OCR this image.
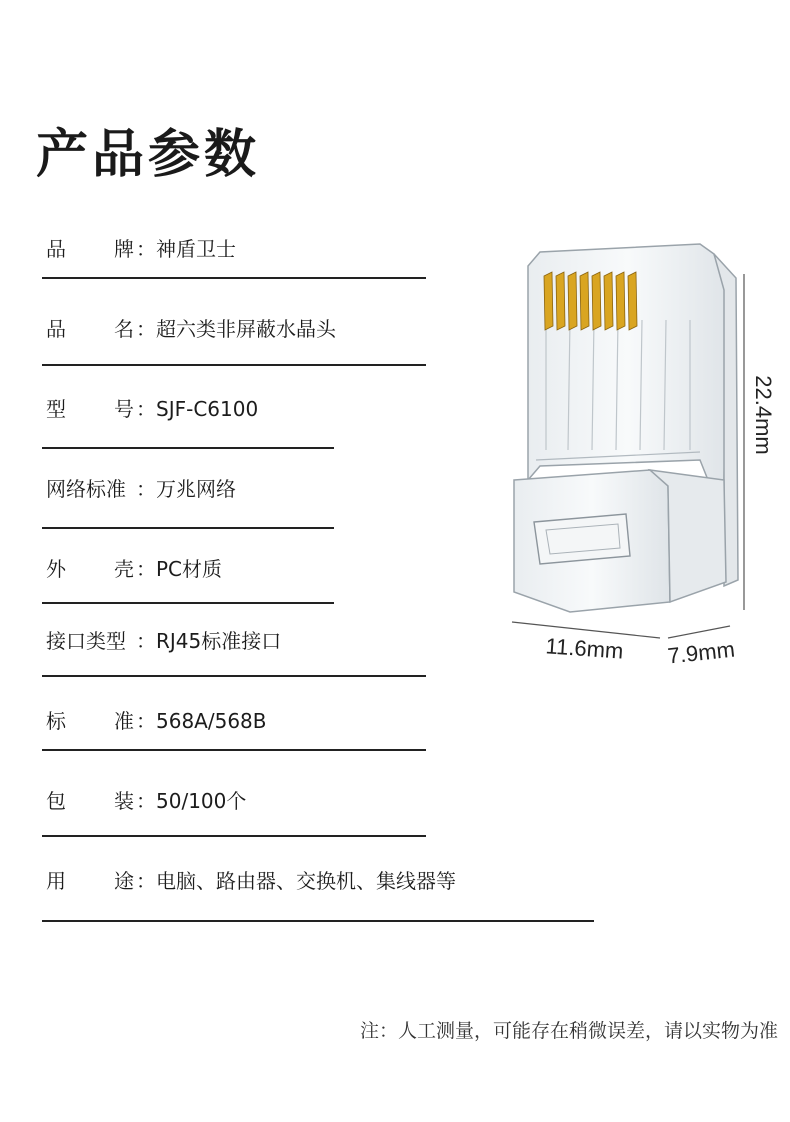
产品参数
品 牌 ： 神盾卫士
品 名 ： 超六类非屏蔽水晶头
型 号 ： SJF-C6100
网络标准 ： 万兆网络
外 壳 ： PC材质
接口类型 ： RJ45标准接口
标 准 ： 568A/568B
包 装 ： 50/100个
用 途 ： 电脑、路由器、交换机、集线器等
22.4mm
11.6mm 7.9mm
注：人工测量，可能存在稍微误差，请以实物为准
